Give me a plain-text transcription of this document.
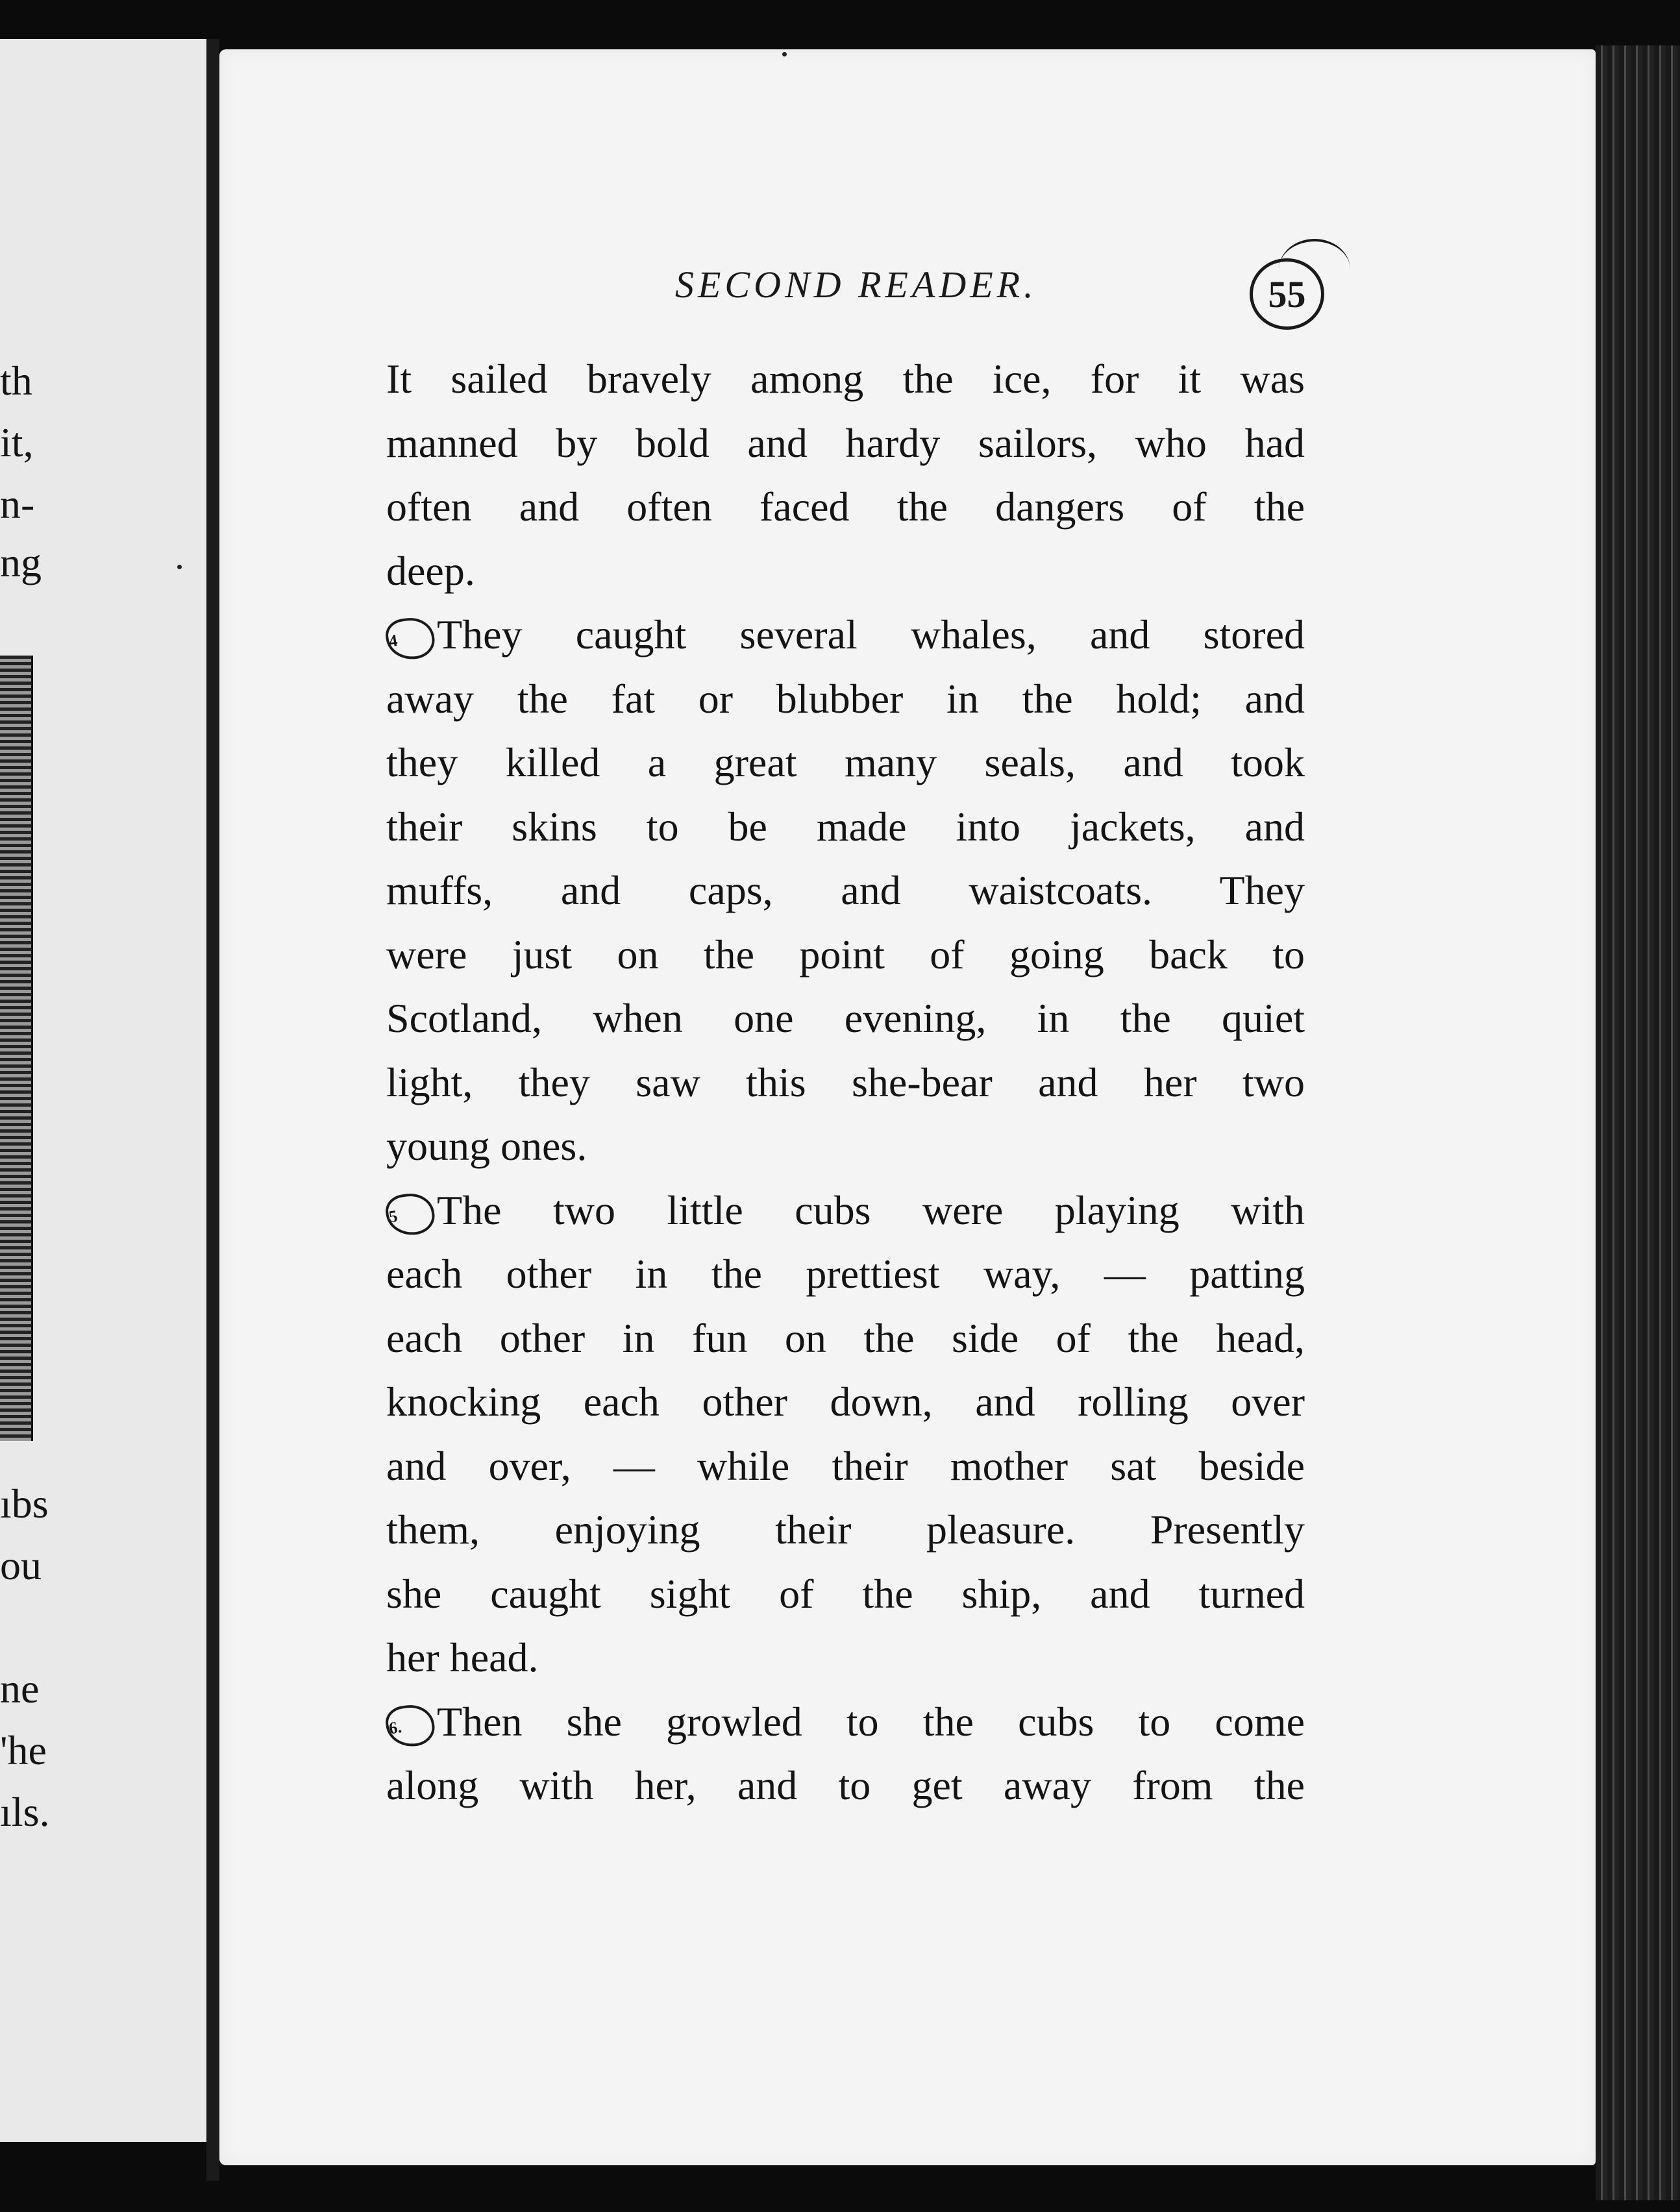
th
it,
n-
ng
ıbs
ou
ne
'he
ıls.
SECOND READER.	55
It sailed bravely among the ice, for it was
manned by bold and hardy sailors, who had
often and often faced the dangers of the
deep.
4 They caught several whales, and stored
away the fat or blubber in the hold; and
they killed a great many seals, and took
their skins to be made into jackets, and
muffs, and caps, and waistcoats. They
were just on the point of going back to
Scotland, when one evening, in the quiet
light, they saw this she-bear and her two
young ones.
5 The two little cubs were playing with
each other in the prettiest way, — patting
each other in fun on the side of the head,
knocking each other down, and rolling over
and over, — while their mother sat beside
them, enjoying their pleasure. Presently
she caught sight of the ship, and turned
her head.
6. Then she growled to the cubs to come
along with her, and to get away from the
